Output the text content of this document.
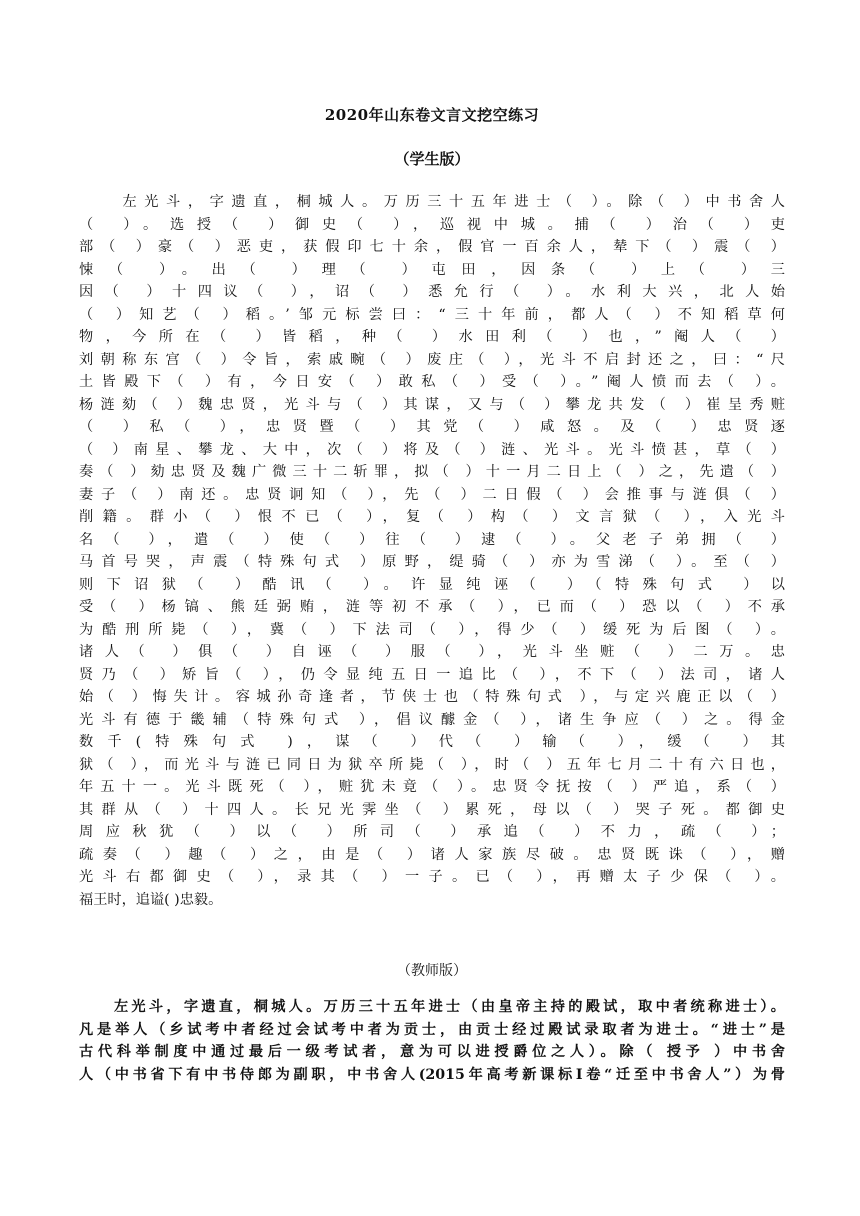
2020年山东卷文言文挖空练习
（学生版）
　　左光斗，字遗直，桐城人。万历三十五年进士（ ）。除（ ）中书舍人
（ ）。选授（ ）御史（ ），巡视中城。捕（ ）治（ ）吏
部（ ）豪（ ）恶吏，获假印七十余，假官一百余人，辇下（ ）震（ ）
悚（ ）。出（ ）理（ ）屯田，因条（ ）上（ ）三
因（ ）十四议（ ），诏（ ）悉允行（ ）。水利大兴，北人始
（ ）知艺（ ）稻。’邹元标尝曰：“三十年前，都人（ ）不知稻草何
物，今所在（ ）皆稻，种（ ）水田利（ ）也，”阉人（ ）
刘朝称东宫（ ）令旨，索戚畹（ ）废庄（ ），光斗不启封还之，曰：“尺
土皆殿下（ ）有，今日安（ ）敢私（ ）受（ ）。”阉人愤而去（ ）。
杨涟劾（ ）魏忠贤，光斗与（ ）其谋，又与（ ）攀龙共发（ ）崔呈秀赃
（ ）私（ ），忠贤暨（ ）其党（ ）咸怒。及（ ）忠贤逐
（ ）南星、攀龙、大中，次（ ）将及（ ）涟、光斗。光斗愤甚，草（ ）
奏（ ）劾忠贤及魏广微三十二斩罪，拟（ ）十一月二日上（ ）之，先遣（ ）
妻子（ ）南还。忠贤诇知（ ），先（ ）二日假（ ）会推事与涟俱（ ）
削籍。群小（ ）恨不已（ ），复（ ）构（ ）文言狱（ ），入光斗
名（ ），遣（ ）使（ ）往（ ）逮（ ）。父老子弟拥（ ）
马首号哭，声震（特殊句式 ）原野，缇骑（ ）亦为雪涕（ ）。至（ ）
则下诏狱（ ）酷讯（ ）。许显纯诬（ ）（特殊句式 ）以
受（ ）杨镐、熊廷弼贿，涟等初不承（ ），已而（ ）恐以（ ）不承
为酷刑所毙（ ），冀（ ）下法司（ ），得少（ ）缓死为后图（ ）。
诸人（ ）俱（ ）自诬（ ）服（ ），光斗坐赃（ ）二万。忠
贤乃（ ）矫旨（ ），仍令显纯五日一追比（ ），不下（ ）法司，诸人
始（ ）悔失计。容城孙奇逢者，节侠士也（特殊句式 ），与定兴鹿正以（ ）
光斗有德于畿辅（特殊句式 ），倡议醵金（ ），诸生争应（ ）之。得金
数千(特殊句式 )，谋（ ）代（ ）输（ ），缓（ ）其
狱（ ），而光斗与涟已同日为狱卒所毙（ ），时（ ）五年七月二十有六日也，
年五十一。光斗既死（ ），赃犹未竟（ ）。忠贤令抚按（ ）严追，系（ ）
其群从（ ）十四人。长兄光霁坐（ ）累死，母以（ ）哭子死。都御史
周应秋犹（ ）以（ ）所司（ ）承追（ ）不力，疏（ ）；
疏奏（ ）趣（ ）之，由是（ ）诸人家族尽破。忠贤既诛（ ），赠
光斗右都御史（ ），录其（ ）一子。已（ ），再赠太子少保（ ）。
福王时，追谥( )忠毅。
（教师版）
　　左光斗，字遗直，桐城人。万历三十五年进士（由皇帝主持的殿试，取中者统称进士）。
凡是举人（乡试考中者经过会试考中者为贡士，由贡士经过殿试录取者为进士。“进士”是
古代科举制度中通过最后一级考试者，意为可以进授爵位之人）。除（ 授予 ）中书舍
人（中书省下有中书侍郎为副职，中书舍人(2015年高考新课标Ⅰ卷“迁至中书舍人”）为骨
